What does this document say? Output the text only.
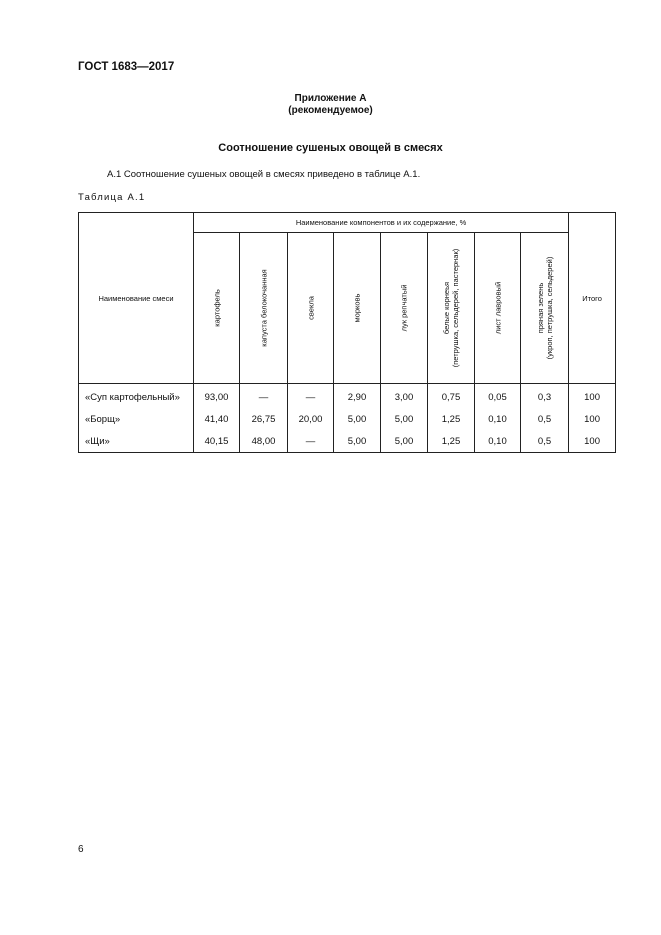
ГОСТ 1683—2017
Приложение А
(рекомендуемое)
Соотношение сушеных овощей в смесях
А.1 Соотношение сушеных овощей в смесях приведено в таблице А.1.
Таблица А.1
Наименование смеси	Наименование компонентов и их содержание, %								Итого

	картофель	капуста белокочанная	свекла	морковь	лук репчатый	белые корнеья (петрушка, сельдерей, пастернак)	лист лавровый	пряная зелень (укроп, петрушка, сельдерей)	

«Суп картофельный»	93,00	—	—	2,90	3,00	0,75	0,05	0,3	100
«Борщ»	41,40	26,75	20,00	5,00	5,00	1,25	0,10	0,5	100
«Щи»	40,15	48,00	—	5,00	5,00	1,25	0,10	0,5	100
6
